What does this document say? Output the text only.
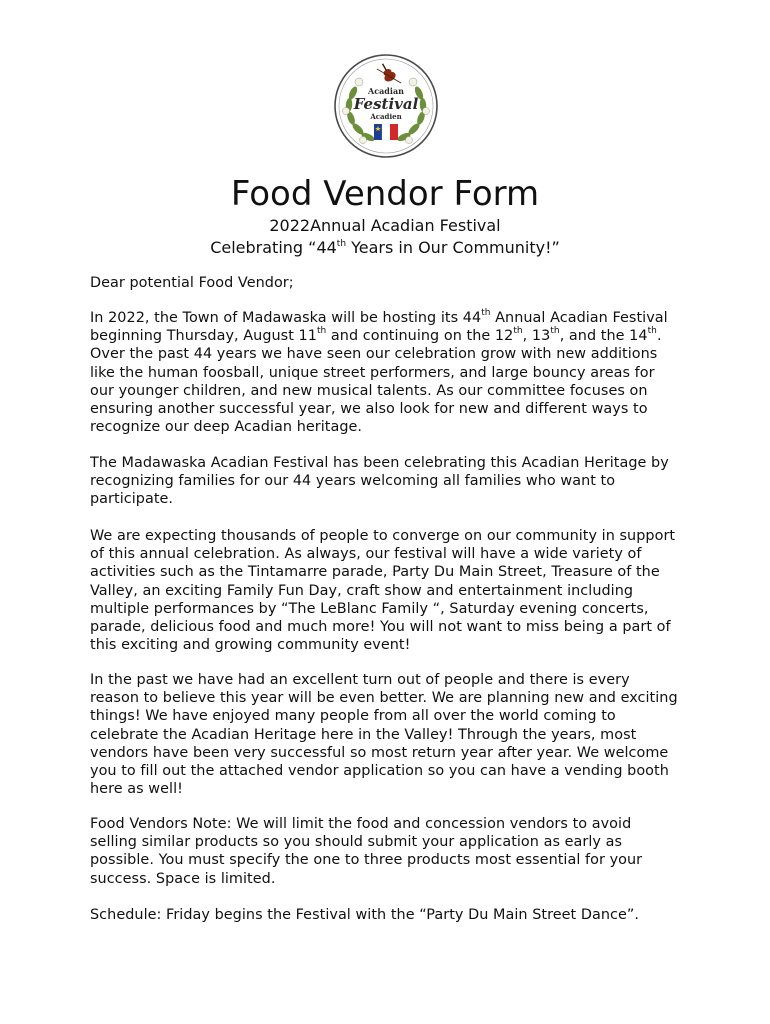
Acadian
Festival
Acadien
Food Vendor Form

2022Annual Acadian Festival

Celebrating “44th Years in Our Community!”

Dear potential Food Vendor;

In 2022, the Town of Madawaska will be hosting its 44th Annual Acadian Festival beginning Thursday, August 11th and continuing on the 12th, 13th, and the 14th. Over the past 44 years we have seen our celebration grow with new additions like the human foosball, unique street performers, and large bouncy areas for our younger children, and new musical talents. As our committee focuses on ensuring another successful year, we also look for new and different ways to recognize our deep Acadian heritage.

The Madawaska Acadian Festival has been celebrating this Acadian Heritage by recognizing families for our 44 years welcoming all families who want to participate.

We are expecting thousands of people to converge on our community in support of this annual celebration. As always, our festival will have a wide variety of activities such as the Tintamarre parade, Party Du Main Street, Treasure of the Valley, an exciting Family Fun Day, craft show and entertainment including multiple performances by “The LeBlanc Family “, Saturday evening concerts, parade, delicious food and much more! You will not want to miss being a part of this exciting and growing community event!

In the past we have had an excellent turn out of people and there is every reason to believe this year will be even better. We are planning new and exciting things! We have enjoyed many people from all over the world coming to celebrate the Acadian Heritage here in the Valley! Through the years, most vendors have been very successful so most return year after year. We welcome you to fill out the attached vendor application so you can have a vending booth here as well!

Food Vendors Note: We will limit the food and concession vendors to avoid selling similar products so you should submit your application as early as possible. You must specify the one to three products most essential for your success. Space is limited.

Schedule: Friday begins the Festival with the “Party Du Main Street Dance”.
